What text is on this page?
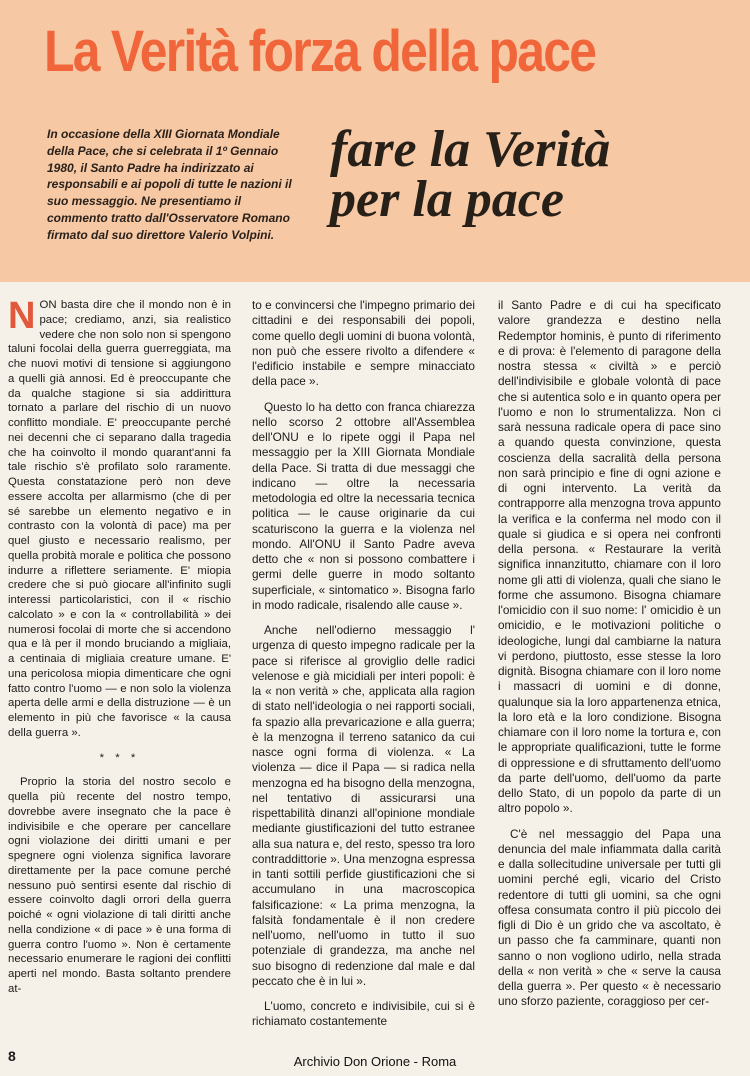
La Verità forza della pace
In occasione della XIII Giornata Mondiale della Pace, che si celebrata il 1º Gennaio 1980, il Santo Padre ha indirizzato ai responsabili e ai popoli di tutte le nazioni il suo messaggio. Ne presentiamo il commento tratto dall'Osservatore Romano firmato dal suo direttore Valerio Volpini.
fare la Verità
per la pace

NON basta dire che il mondo non è in pace; crediamo, anzi, sia realistico vedere che non solo non si spengono taluni focolai della guerra guerreggiata, ma che nuovi motivi di tensione si aggiungono a quelli già annosi. Ed è preoccupante che da qualche stagione si sia addirittura tornato a parlare del rischio di un nuovo conflitto mondiale. E' preoccupante perché nei decenni che ci separano dalla tragedia che ha coinvolto il mondo quarant'anni fa tale rischio s'è profilato solo raramente. Questa constatazione però non deve essere accolta per allarmismo (che di per sé sarebbe un elemento negativo e in contrasto con la volontà di pace) ma per quel giusto e necessario realismo, per quella probità morale e politica che possono indurre a riflettere seriamente. E' miopia credere che si può giocare all'infinito sugli interessi particolaristici, con il « rischio calcolato » e con la « controllabilità » dei numerosi focolai di morte che si accendono qua e là per il mondo bruciando a migliaia, a centinaia di migliaia creature umane. E' una pericolosa miopia dimenticare che ogni fatto contro l'uomo — e non solo la violenza aperta delle armi e della distruzione — è un elemento in più che favorisce « la causa della guerra ».

* * *

Proprio la storia del nostro secolo e quella più recente del nostro tempo, dovrebbe avere insegnato che la pace è indivisibile e che operare per cancellare ogni violazione dei diritti umani e per spegnere ogni violenza significa lavorare direttamente per la pace comune perché nessuno può sentirsi esente dal rischio di essere coinvolto dagli orrori della guerra poiché « ogni violazione di tali diritti anche nella condizione « di pace » è una forma di guerra contro l'uomo ». Non è certamente necessario enumerare le ragioni dei conflitti aperti nel mondo. Basta soltanto prendere at-

to e convincersi che l'impegno primario dei cittadini e dei responsabili dei popoli, come quello degli uomini di buona volontà, non può che essere rivolto a difendere « l'edificio instabile e sempre minacciato della pace ».

Questo lo ha detto con franca chiarezza nello scorso 2 ottobre all'Assemblea dell'ONU e lo ripete oggi il Papa nel messaggio per la XIII Giornata Mondiale della Pace. Si tratta di due messaggi che indicano — oltre la necessaria metodologia ed oltre la necessaria tecnica politica — le cause originarie da cui scaturiscono la guerra e la violenza nel mondo. All'ONU il Santo Padre aveva detto che « non si possono combattere i germi delle guerre in modo soltanto superficiale, « sintomatico ». Bisogna farlo in modo radicale, risalendo alle cause ».

Anche nell'odierno messaggio l' urgenza di questo impegno radicale per la pace si riferisce al groviglio delle radici velenose e già micidiali per interi popoli: è la « non verità » che, applicata alla ragion di stato nell'ideologia o nei rapporti sociali, fa spazio alla prevaricazione e alla guerra; è la menzogna il terreno satanico da cui nasce ogni forma di violenza. « La violenza — dice il Papa — si radica nella menzogna ed ha bisogno della menzogna, nel tentativo di assicurarsi una rispettabilità dinanzi all'opinione mondiale mediante giustificazioni del tutto estranee alla sua natura e, del resto, spesso tra loro contraddittorie ». Una menzogna espressa in tanti sottili perfide giustificazioni che si accumulano in una macroscopica falsificazione: « La prima menzogna, la falsità fondamentale è il non credere nell'uomo, nell'uomo in tutto il suo potenziale di grandezza, ma anche nel suo bisogno di redenzione dal male e dal peccato che è in lui ».

L'uomo, concreto e indivisibile, cui si è richiamato costantemente

il Santo Padre e di cui ha specificato valore grandezza e destino nella Redemptor hominis, è punto di riferimento e di prova: è l'elemento di paragone della nostra stessa « civiltà » e perciò dell'indivisibile e globale volontà di pace che si autentica solo e in quanto opera per l'uomo e non lo strumentalizza. Non ci sarà nessuna radicale opera di pace sino a quando questa convinzione, questa coscienza della sacralità della persona non sarà principio e fine di ogni azione e di ogni intervento. La verità da contrapporre alla menzogna trova appunto la verifica e la conferma nel modo con il quale si giudica e si opera nei confronti della persona. « Restaurare la verità significa innanzitutto, chiamare con il loro nome gli atti di violenza, quali che siano le forme che assumono. Bisogna chiamare l'omicidio con il suo nome: l' omicidio è un omicidio, e le motivazioni politiche o ideologiche, lungi dal cambiarne la natura vi perdono, piuttosto, esse stesse la loro dignità. Bisogna chiamare con il loro nome i massacri di uomini e di donne, qualunque sia la loro appartenenza etnica, la loro età e la loro condizione. Bisogna chiamare con il loro nome la tortura e, con le appropriate qualificazioni, tutte le forme di oppressione e di sfruttamento dell'uomo da parte dell'uomo, dell'uomo da parte dello Stato, di un popolo da parte di un altro popolo ».

C'è nel messaggio del Papa una denuncia del male infiammata dalla carità e dalla sollecitudine universale per tutti gli uomini perché egli, vicario del Cristo redentore di tutti gli uomini, sa che ogni offesa consumata contro il più piccolo dei figli di Dio è un grido che va ascoltato, è un passo che fa camminare, quanti non sanno o non vogliono udirlo, nella strada della « non verità » che « serve la causa della guerra ». Per questo « è necessario uno sforzo paziente, coraggioso per cer-

8	Archivio Don Orione - Roma
